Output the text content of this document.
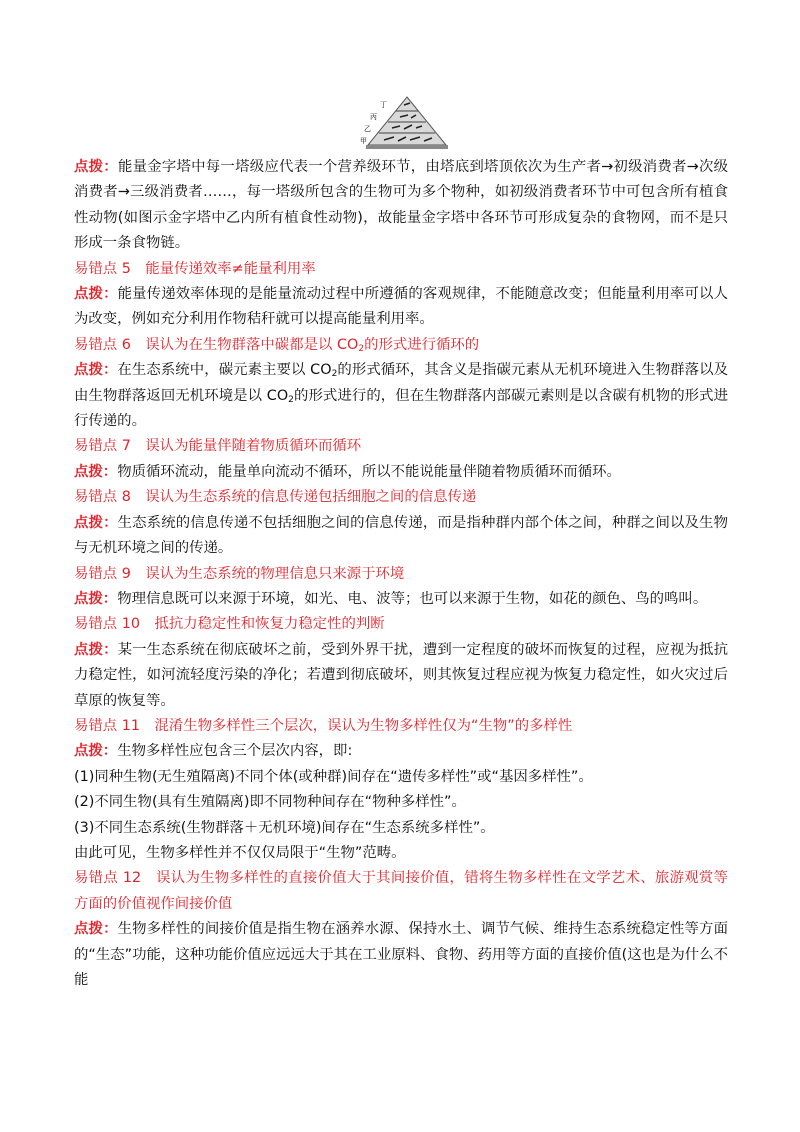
丁
丙
乙
甲

点拨：能量金字塔中每一塔级应代表一个营养级环节，由塔底到塔顶依次为生产者→初级消费者→次级消费者→三级消费者……，每一塔级所包含的生物可为多个物种，如初级消费者环节中可包含所有植食性动物(如图示金字塔中乙内所有植食性动物)，故能量金字塔中各环节可形成复杂的食物网，而不是只形成一条食物链。

易错点 5　能量传递效率≠能量利用率

点拨：能量传递效率体现的是能量流动过程中所遵循的客观规律，不能随意改变；但能量利用率可以人为改变，例如充分利用作物秸秆就可以提高能量利用率。

易错点 6　误认为在生物群落中碳都是以 $CO_2$的形式进行循环的

点拨：在生态系统中，碳元素主要以 $CO_2$的形式循环，其含义是指碳元素从无机环境进入生物群落以及由生物群落返回无机环境是以 $CO_2$的形式进行的，但在生物群落内部碳元素则是以含碳有机物的形式进行传递的。

易错点 7　误认为能量伴随着物质循环而循环

点拨：物质循环流动，能量单向流动不循环，所以不能说能量伴随着物质循环而循环。

易错点 8　误认为生态系统的信息传递包括细胞之间的信息传递

点拨：生态系统的信息传递不包括细胞之间的信息传递，而是指种群内部个体之间，种群之间以及生物与无机环境之间的传递。

易错点 9　误认为生态系统的物理信息只来源于环境

点拨：物理信息既可以来源于环境，如光、电、波等；也可以来源于生物，如花的颜色、鸟的鸣叫。

易错点 10　抵抗力稳定性和恢复力稳定性的判断

点拨：某一生态系统在彻底破坏之前，受到外界干扰，遭到一定程度的破坏而恢复的过程，应视为抵抗力稳定性，如河流轻度污染的净化；若遭到彻底破坏，则其恢复过程应视为恢复力稳定性，如火灾过后草原的恢复等。

易错点 11　混淆生物多样性三个层次，误认为生物多样性仅为“生物”的多样性

点拨：生物多样性应包含三个层次内容，即:

(1)同种生物(无生殖隔离)不同个体(或种群)间存在“遗传多样性”或“基因多样性”。

(2)不同生物(具有生殖隔离)即不同物种间存在“物种多样性”。

(3)不同生态系统(生物群落＋无机环境)间存在“生态系统多样性”。

由此可见，生物多样性并不仅仅局限于“生物”范畴。

易错点 12　误认为生物多样性的直接价值大于其间接价值，错将生物多样性在文学艺术、旅游观赏等方面的价值视作间接价值

点拨：生物多样性的间接价值是指生物在涵养水源、保持水土、调节气候、维持生态系统稳定性等方面的“生态”功能，这种功能价值应远远大于其在工业原料、食物、药用等方面的直接价值(这也是为什么不能
